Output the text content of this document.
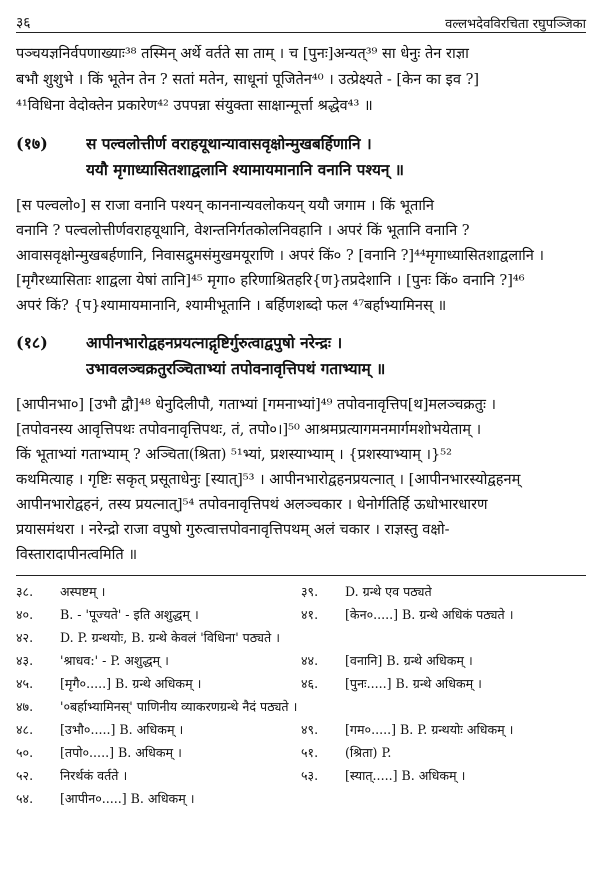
३६	वल्लभदेवविरचिता रघुपञ्जिका
पञ्चयज्ञनिर्वपणाख्याः³⁸ तस्मिन् अर्थे वर्तते सा ताम् । च [पुनः]अन्यत्³⁹ सा धेनुः तेन राज्ञा
बभौ शुशुभे । किं भूतेन तेन ? सतां मतेन, साधूनां पूजितेन⁴⁰ । उत्प्रेक्ष्यते - [केन का इव ?]
⁴¹विधिना वेदोक्तेन प्रकारेण⁴² उपपन्ना संयुक्ता साक्षान्मूर्त्ता श्रद्धेव⁴³ ॥
(१७)	स पल्वलोत्तीर्ण वराहयूथान्यावासवृक्षोन्मुखबर्हिणानि ।
ययौ मृगाध्यासितशाद्वलानि श्यामायमानानि वनानि पश्यन् ॥
[स पल्वलो०] स राजा वनानि पश्यन् काननान्यवलोकयन् ययौ जगाम । किं भूतानि
वनानि ? पल्वलोत्तीर्णवराहयूथानि, वेशन्तनिर्गतकोलनिवहानि । अपरं किं भूतानि वनानि ?
आवासवृक्षोन्मुखबर्हणानि, निवासद्रुमसंमुखमयूराणि । अपरं किं० ? [वनानि ?]⁴⁴मृगाध्यासितशाद्वलानि ।
[मृगैरध्यासिताः शाद्वला येषां तानि]⁴⁵ मृगा० हरिणाश्रितहरि{ण}तप्रदेशानि । [पुनः किं० वनानि ?]⁴⁶
अपरं किं? {प}श्यामायमानानि, श्यामीभूतानि । बर्हिणशब्दो फल ⁴⁷बर्हाभ्यामिनस् ॥
(१८)	आपीनभारोद्वहनप्रयत्नाद्गृष्टिर्गुरुत्वाद्वपुषो नरेन्द्रः ।
उभावलञ्चक्रतुरञ्चिताभ्यां तपोवनावृत्तिपथं गताभ्याम् ॥
[आपीनभा०] [उभौ द्वौ]⁴⁸ धेनुदिलीपौ, गताभ्यां [गमनाभ्यां]⁴⁹ तपोवनावृत्तिप[थ]मलञ्चक्रतुः ।
[तपोवनस्य आवृत्तिपथः तपोवनावृत्तिपथः, तं, तपो०।]⁵⁰ आश्रमप्रत्यागमनमार्गमशोभयेताम् ।
किं भूताभ्यां गताभ्याम् ? अञ्चिता(श्रिता) ⁵¹भ्यां, प्रशस्याभ्याम् । {प्रशस्याभ्याम् ।}⁵²
कथमित्याह । गृष्टिः सकृत् प्रसूताधेनुः [स्यात्]⁵³ । आपीनभारोद्वहनप्रयत्नात् । [आपीनभारस्योद्वहनम्
आपीनभारोद्वहनं, तस्य प्रयत्नात्]⁵⁴ तपोवनावृत्तिपथं अलञ्चकार । धेनोर्गतिर्हि ऊधोभारधारण
प्रयासमंथरा । नरेन्द्रो राजा वपुषो गुरुत्वात्तपोवनावृत्तिपथम् अलं चकार । राज्ञस्तु वक्षो-
विस्तारादापीनत्वमिति ॥
३८.	अस्पष्टम् ।	३९.	D. ग्रन्थे एव पठ्यते
४०.	B. - 'पूज्यते' - इति अशुद्धम् ।	४१.	[केन०.....] B. ग्रन्थे अधिकं पठ्यते ।
४२.	D. P. ग्रन्थयोः, B. ग्रन्थे केवलं 'विधिना' पठ्यते ।
४३.	'श्राधव:' - P. अशुद्धम् ।	४४.	[वनानि] B. ग्रन्थे अधिकम् ।
४५.	[मृगै०.....] B. ग्रन्थे अधिकम् ।	४६.	[पुनः.....] B. ग्रन्थे अधिकम् ।
४७.	'०बर्हाभ्यामिनस्' पाणिनीय व्याकरणग्रन्थे नैदं पठ्यते ।
४८.	[उभौ०.....] B. अधिकम् ।	४९.	[गम०.....] B. P. ग्रन्थयोः अधिकम् ।
५०.	[तपो०.....] B. अधिकम् ।	५१.	(श्रिता) P.
५२.	निरर्थकं वर्तते ।	५३.	[स्यात्.....] B. अधिकम् ।
५४.	[आपीन०.....] B. अधिकम् ।
